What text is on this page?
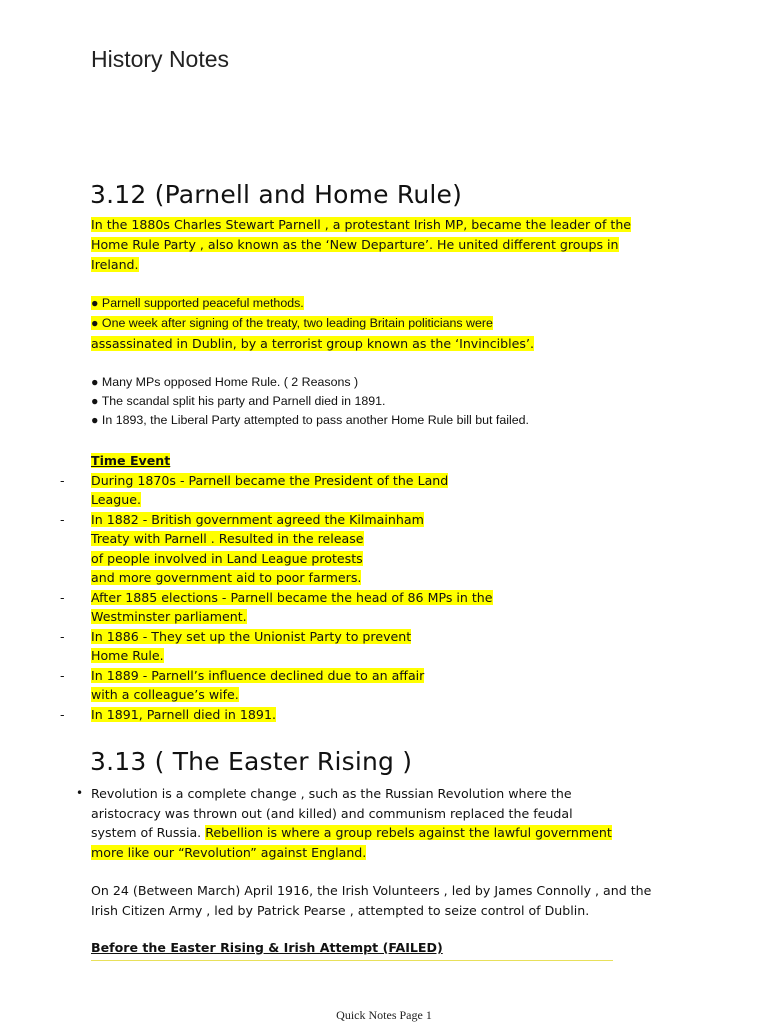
History Notes
3.12 (Parnell and Home Rule)
In the 1880s Charles Stewart Parnell , a protestant Irish MP, became the leader of the
Home Rule Party , also known as the ‘New Departure’. He united different groups in
Ireland.
● Parnell supported peaceful methods.
● One week after signing of the treaty, two leading Britain politicians were
assassinated in Dublin, by a terrorist group known as the ‘Invincibles’.
● Many MPs opposed Home Rule. ( 2 Reasons )
● The scandal split his party and Parnell died in 1891.
● In 1893, the Liberal Party attempted to pass another Home Rule bill but failed.

Time Event

- During 1870s - Parnell became the President of the Land
League.
- In 1882 - British government agreed the Kilmainham
Treaty with Parnell . Resulted in the release
of people involved in Land League protests
and more government aid to poor farmers.
- After 1885 elections - Parnell became the head of 86 MPs in the
Westminster parliament.
- In 1886 - They set up the Unionist Party to prevent
Home Rule.
- In 1889 - Parnell’s influence declined due to an affair
with a colleague’s wife.
- In 1891, Parnell died in 1891.
3.13 ( The Easter Rising )
• Revolution is a complete change , such as the Russian Revolution where the
aristocracy was thrown out (and killed) and communism replaced the feudal
system of Russia. Rebellion is where a group rebels against the lawful government
more like our “Revolution” against England.
On 24 (Between March) April 1916, the Irish Volunteers , led by James Connolly , and the
Irish Citizen Army , led by Patrick Pearse , attempted to seize control of Dublin.

Before the Easter Rising & Irish Attempt (FAILED)

Quick Notes Page 1
